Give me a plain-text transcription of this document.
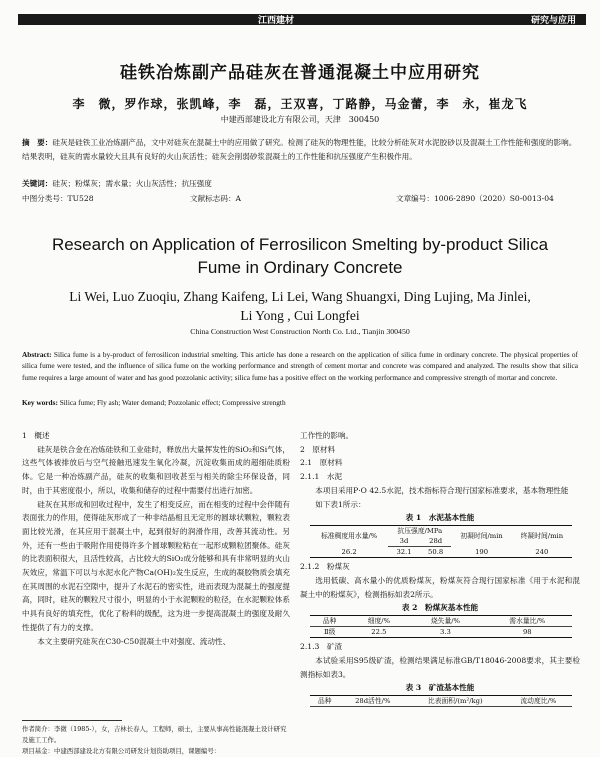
江西建材	研究与应用
硅铁冶炼副产品硅灰在普通混凝土中应用研究
李　微，罗作球，张凯峰，李　磊，王双喜，丁路静，马金蕾，李　永，崔龙飞
中建西部建设北方有限公司，天津　300450
摘　要：硅灰是硅铁工业冶炼副产品，文中对硅灰在混凝土中的应用做了研究。检测了硅灰的物理性能，比较分析硅灰对水泥胶砂以及混凝土工作性能和强度的影响。结果表明，硅灰的需水量较大且具有良好的火山灰活性；硅灰会削弱砂浆混凝土的工作性能和抗压强度产生积极作用。
关键词：硅灰；粉煤灰；需水量；火山灰活性；抗压强度
中图分类号：TU528	文献标志码：A	文章编号：1006-2890（2020）S0-0013-04
Research on Application of Ferrosilicon Smelting by-product Silica
Fume in Ordinary Concrete
Li Wei, Luo Zuoqiu, Zhang Kaifeng, Li Lei, Wang Shuangxi, Ding Lujing, Ma Jinlei,
Li Yong , Cui Longfei
China Construction West Construction North Co. Ltd., Tianjin 300450
Abstract: Silica fume is a by-product of ferrosilicon industrial smelting. This article has done a research on the application of silica fume in ordinary concrete. The physical properties of silica fume were tested, and the influence of silica fume on the working performance and strength of cement mortar and concrete was compared and analyzed. The results show that silica fume requires a large amount of water and has good pozzolanic activity; silica fume has a positive effect on the working performance and compressive strength of mortar and concrete.
Key words: Silica fume; Fly ash; Water demand; Pozzolanic effect; Compressive strength

1　概述

硅灰是铁合金在冶炼硅铁和工业硅时，释放出大量挥发性的SiO₂和Si气体，这些气体被排放后与空气接触迅速发生氧化冷凝，沉淀收集而成的超细硅质粉体。它是一种冶炼副产品，硅灰的收集和回收甚至与相关的除尘环保设备，同时，由于其密度很小，所以，收集和储存的过程中需要付出进行加密。

硅灰在其形成和回收过程中，发生了相变反应，而在相变的过程中会伴随有表面张力的作用，使得硅灰形成了一种非结晶相且无定形的圆球状颗粒，颗粒表面比较光滑，在其应用于混凝土中，起到很好的润滑作用，改善其流动性。另外，还有一些由于吸附作用使得许多个圆球颗粒粘在一起形成颗粒团聚体。硅灰的比表面积很大，且活性较高，占比较大的SiO₂成分能够和具有非常明显的火山灰效应，常温下可以与水泥水化产物Ca(OH)₂发生反应，生成的凝胶物质会填充在其周围的水泥石空隙中，提升了水泥石的密实性，进而表现为混凝土的强度提高，同时，硅灰的颗粒尺寸很小，明显的小于水泥颗粒的粒径，在水泥颗粒体系中具有良好的填充性，优化了粉料的级配，这为进一步提高混凝土的强度及耐久性提供了有力的支撑。

本文主要研究硅灰在C30-C50混凝土中对强度、流动性、

工作性的影响。

2　原材料

2.1　原材料

2.1.1　水泥

本项目采用P·O 42.5水泥，技术指标符合现行国家标准要求，基本物理性能

如下表1所示：

表 1　水泥基本性能

标准稠度用水量/%	抗压强度/MPa		初凝时间/min	终凝时间/min
	3d	28d		
26.2	32.1	50.8	190	240

2.1.2　粉煤灰

选用低碳、高水量小的优质粉煤灰，粉煤灰符合现行国家标准《用于水泥和混凝土中的粉煤灰》，检测指标如表2所示。

表 2　粉煤灰基本性能

品种	细度/%	烧失量/%	需水量比/%
Ⅱ级	22.5	3.3	98

2.1.3　矿渣

本试验采用S95级矿渣，检测结果满足标准GB/T18046-2008要求，其主要检测指标如表3。

表 3　矿渣基本性能

品种	28d活性/%	比表面积/(m²/kg)	流动度比/%
作者简介：李微（1985-），女，吉林长春人，工程师，硕士，主要从事高性能混凝土设计研究及施工工作。
项目基金：中建西部建设北方有限公司研发计划资助项目，课题编号：
